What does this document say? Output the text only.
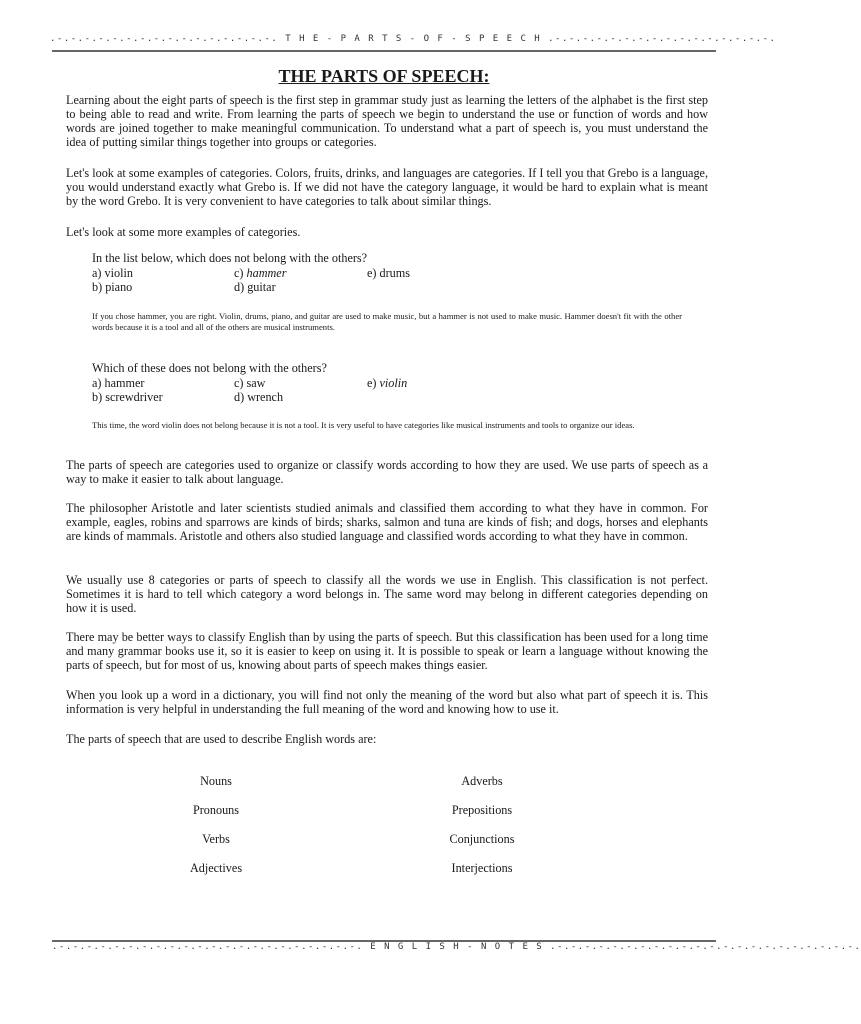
.-.-.-.-.-.-.-.-.-.-.-.-.-.-.-.-. T H E - P A R T S - O F - S P E E C H .-.-.-.-.-.-.-.-.-.-.-.-.-.-.-.-.
THE PARTS OF SPEECH:

Learning about the eight parts of speech is the first step in grammar study just as learning the letters of the alphabet is the first step to being able to read and write. From learning the parts of speech we begin to understand the use or function of words and how words are joined together to make meaningful communication. To understand what a part of speech is, you must understand the idea of putting similar things together into groups or categories.

Let's look at some examples of categories. Colors, fruits, drinks, and languages are categories. If I tell you that Grebo is a language, you would understand exactly what Grebo is. If we did not have the category language, it would be hard to explain what is meant by the word Grebo. It is very convenient to have categories to talk about similar things.

Let's look at some more examples of categories.

In the list below, which does not belong with the others?

a) violin
b) piano
c) hammer
d) guitar
e) drums

If you chose hammer, you are right. Violin, drums, piano, and guitar are used to make music, but a hammer is not used to make music. Hammer doesn't fit with the other words because it is a tool and all of the others are musical instruments.

Which of these does not belong with the others?

a) hammer
b) screwdriver
c) saw
d) wrench
e) violin

This time, the word violin does not belong because it is not a tool. It is very useful to have categories like musical instruments and tools to organize our ideas.

The parts of speech are categories used to organize or classify words according to how they are used. We use parts of speech as a way to make it easier to talk about language.

The philosopher Aristotle and later scientists studied animals and classified them according to what they have in common. For example, eagles, robins and sparrows are kinds of birds; sharks, salmon and tuna are kinds of fish; and dogs, horses and elephants are kinds of mammals. Aristotle and others also studied language and classified words according to what they have in common.

We usually use 8 categories or parts of speech to classify all the words we use in English. This classification is not perfect. Sometimes it is hard to tell which category a word belongs in. The same word may belong in different categories depending on how it is used.

There may be better ways to classify English than by using the parts of speech. But this classification has been used for a long time and many grammar books use it, so it is easier to keep on using it. It is possible to speak or learn a language without knowing the parts of speech, but for most of us, knowing about parts of speech makes things easier.

When you look up a word in a dictionary, you will find not only the meaning of the word but also what part of speech it is. This information is very helpful in understanding the full meaning of the word and knowing how to use it.

The parts of speech that are used to describe English words are:

Nouns
Pronouns
Verbs
Adjectives
Adverbs
Prepositions
Conjunctions
Interjections
.-.-.-.-.-.-.-.-.-.-.-.-.-.-.-.-.-.-.-.-.-.-. E N G L I S H - N O T E S .-.-.-.-.-.-.-.-.-.-.-.-.-.-.-.-.-.-.-.-.-.-.
